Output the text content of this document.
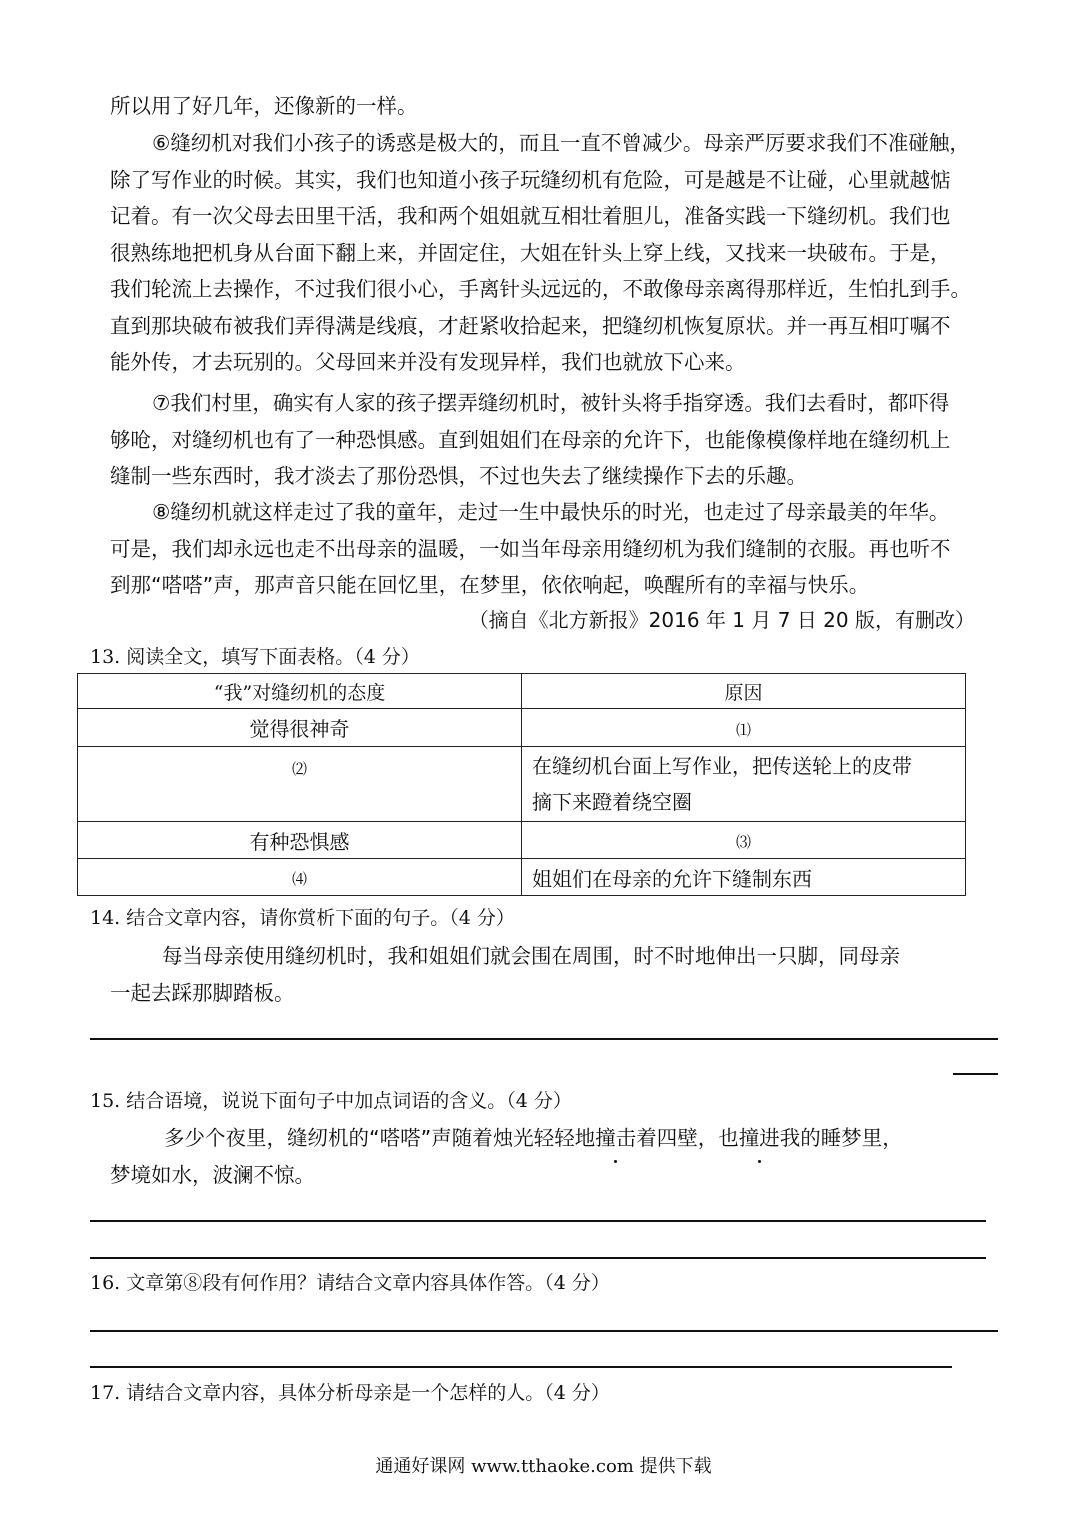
所以用了好几年，还像新的一样。
⑥缝纫机对我们小孩子的诱惑是极大的，而且一直不曾减少。母亲严厉要求我们不准碰触，
除了写作业的时候。其实，我们也知道小孩子玩缝纫机有危险，可是越是不让碰，心里就越惦
记着。有一次父母去田里干活，我和两个姐姐就互相壮着胆儿，准备实践一下缝纫机。我们也
很熟练地把机身从台面下翻上来，并固定住，大姐在针头上穿上线，又找来一块破布。于是，
我们轮流上去操作，不过我们很小心，手离针头远远的，不敢像母亲离得那样近，生怕扎到手。
直到那块破布被我们弄得满是线痕，才赶紧收拾起来，把缝纫机恢复原状。并一再互相叮嘱不
能外传，才去玩别的。父母回来并没有发现异样，我们也就放下心来。
⑦我们村里，确实有人家的孩子摆弄缝纫机时，被针头将手指穿透。我们去看时，都吓得
够呛，对缝纫机也有了一种恐惧感。直到姐姐们在母亲的允许下，也能像模像样地在缝纫机上
缝制一些东西时，我才淡去了那份恐惧，不过也失去了继续操作下去的乐趣。
⑧缝纫机就这样走过了我的童年，走过一生中最快乐的时光，也走过了母亲最美的年华。
可是，我们却永远也走不出母亲的温暖，一如当年母亲用缝纫机为我们缝制的衣服。再也听不
到那“嗒嗒”声，那声音只能在回忆里，在梦里，依依响起，唤醒所有的幸福与快乐。
（摘自《北方新报》2016 年 1 月 7 日 20 版，有删改）
13. 阅读全文，填写下面表格。（4 分）
“我”对缝纫机的态度	原因
觉得很神奇	⑴
⑵	在缝纫机台面上写作业，把传送轮上的皮带
摘下来蹬着绕空圈

有种恐惧感	⑶
⑷	姐姐们在母亲的允许下缝制东西
14. 结合文章内容，请你赏析下面的句子。（4 分）
每当母亲使用缝纫机时，我和姐姐们就会围在周围，时不时地伸出一只脚，同母亲
一起去踩那脚踏板。
15. 结合语境，说说下面句子中加点词语的含义。（4 分）
多少个夜里，缝纫机的“嗒嗒”声随着烛光轻轻地撞击着四壁，也撞进我的睡梦里，
梦境如水，波澜不惊。
16. 文章第⑧段有何作用？请结合文章内容具体作答。（4 分）
17. 请结合文章内容，具体分析母亲是一个怎样的人。（4 分）
通通好课网 www.tthaoke.com 提供下载
